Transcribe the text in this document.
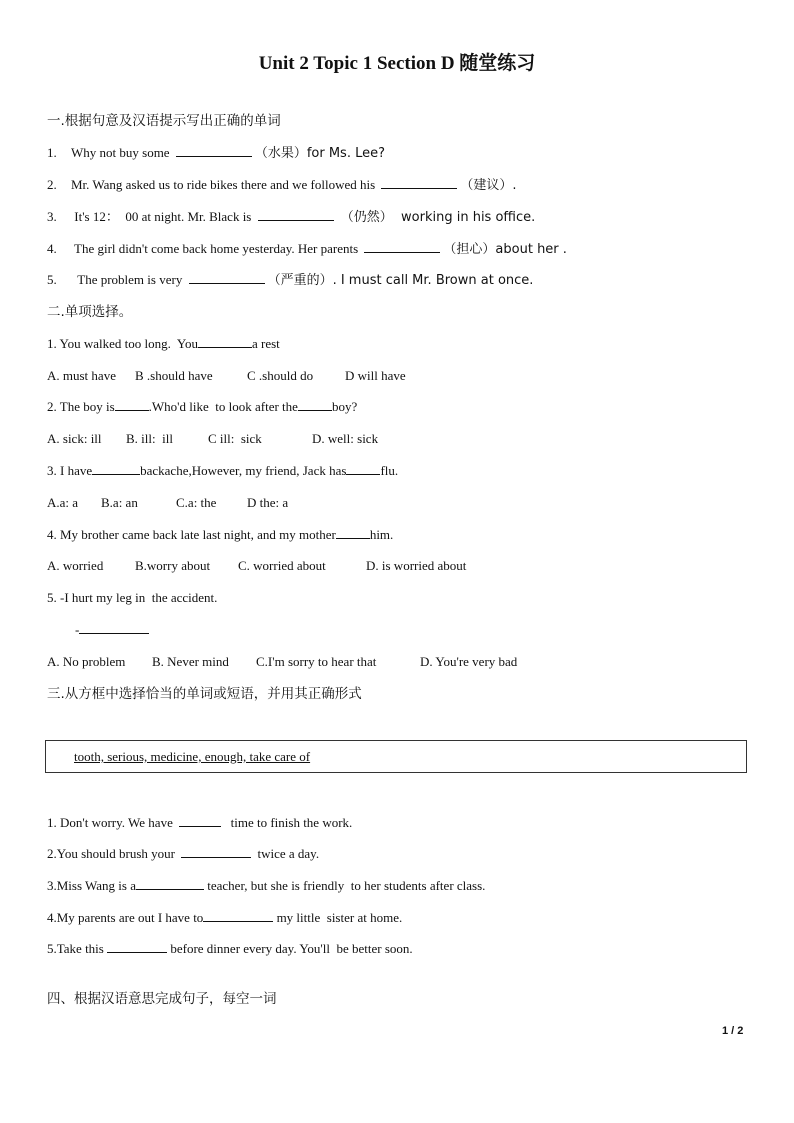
Unit 2 Topic 1 Section D 随堂练习
一.根据句意及汉语提示写出正确的单词
1. Why not buy some	（水果）for Ms. Lee?
2. Mr. Wang asked us to ride bikes there and we followed his	（建议）.
3. It's 12：  00 at night. Mr. Black is	（仍然）  working in his office.
4. The girl didn't come back home yesterday. Her parents	（担心）about her .
5.  The problem is very	（严重的）. I must call Mr. Brown at once.
二.单项选择。
1. You walked too long.  You	a rest
A. must have B .should have	C .should do D will have
2. The boy is	.Who'd like  to look after the	boy?
A. sick: ill B. ill:  ill	C ill:  sick	D. well: sick
3. I have	backache,However, my friend, Jack has	flu.
A.a: a B.a: an	C.a: the D the: a
4. My brother came back late last night, and my mother	him.
A. worried B.worry about C. worried about	D. is worried about
5. -I hurt my leg in  the accident.
-
A. No problem B. Never mind C.I'm sorry to hear that	D. You're very bad
三.从方框中选择恰当的单词或短语，并用其正确形式
tooth, serious, medicine, enough, take care of
1. Don't worry. We have	time to finish the work.
2.You should brush your	twice a day.
3.Miss Wang is a	teacher, but she is friendly  to her students after class.
4.My parents are out I have to	my little  sister at home.
5.Take this	before dinner every day. You'll  be better soon.
四、根据汉语意思完成句子，每空一词
1 / 2
